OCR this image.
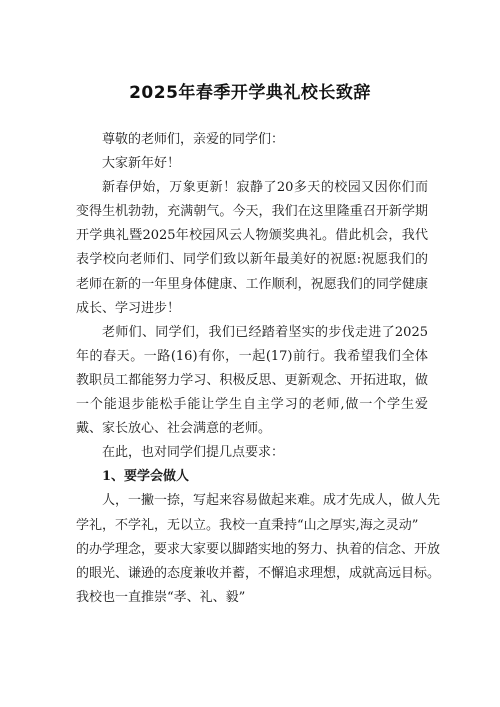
2025年春季开学典礼校长致辞

尊敬的老师们，亲爱的同学们：

大家新年好！

新春伊始，万象更新！寂静了20多天的校园又因你们而变得生机勃勃，充满朝气。今天，我们在这里隆重召开新学期开学典礼暨2025年校园风云人物颁奖典礼。借此机会，我代表学校向老师们、同学们致以新年最美好的祝愿:祝愿我们的老师在新的一年里身体健康、工作顺利，祝愿我们的同学健康成长、学习进步！

老师们、同学们，我们已经踏着坚实的步伐走进了2025年的春天。一路(16)有你，一起(17)前行。我希望我们全体教职员工都能努力学习、积极反思、更新观念、开拓进取，做一个能退步能松手能让学生自主学习的老师,做一个学生爱戴、家长放心、社会满意的老师。

在此，也对同学们提几点要求：

1、要学会做人

人，一撇一捺，写起来容易做起来难。成才先成人，做人先

学礼，不学礼，无以立。我校一直秉持“山之厚实,海之灵动”
的办学理念，要求大家要以脚踏实地的努力、执着的信念、开放
的眼光、谦逊的态度兼收并蓄，不懈追求理想，成就高远目标。
我校也一直推崇“孝、礼、毅”
